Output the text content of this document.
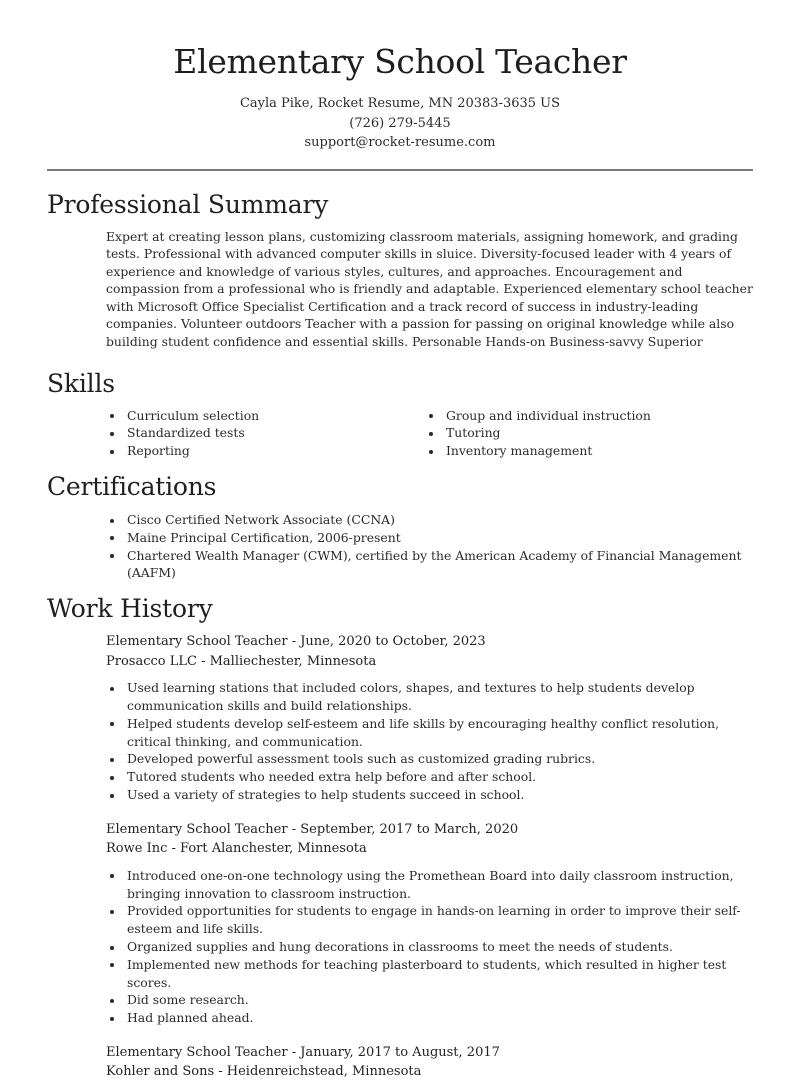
Elementary School Teacher
Cayla Pike, Rocket Resume, MN 20383-3635 US
(726) 279-5445
support@rocket-resume.com
Professional Summary

Expert at creating lesson plans, customizing classroom materials, assigning homework, and grading tests. Professional with advanced computer skills in sluice. Diversity-focused leader with 4 years of experience and knowledge of various styles, cultures, and approaches. Encouragement and compassion from a professional who is friendly and adaptable. Experienced elementary school teacher with Microsoft Office Specialist Certification and a track record of success in industry-leading companies. Volunteer outdoors Teacher with a passion for passing on original knowledge while also building student confidence and essential skills. Personable Hands-on Business-savvy Superior

Skills
Curriculum selection
Standardized tests
Reporting
Group and individual instruction
Tutoring
Inventory management
Certifications
Cisco Certified Network Associate (CCNA)
Maine Principal Certification, 2006-present
Chartered Wealth Manager (CWM), certified by the American Academy of Financial Management (AAFM)
Work History
Elementary School Teacher - June, 2020 to October, 2023
Prosacco LLC - Malliechester, Minnesota
Used learning stations that included colors, shapes, and textures to help students develop communication skills and build relationships.
Helped students develop self-esteem and life skills by encouraging healthy conflict resolution, critical thinking, and communication.
Developed powerful assessment tools such as customized grading rubrics.
Tutored students who needed extra help before and after school.
Used a variety of strategies to help students succeed in school.
Elementary School Teacher - September, 2017 to March, 2020
Rowe Inc - Fort Alanchester, Minnesota
Introduced one-on-one technology using the Promethean Board into daily classroom instruction, bringing innovation to classroom instruction.
Provided opportunities for students to engage in hands-on learning in order to improve their self-esteem and life skills.
Organized supplies and hung decorations in classrooms to meet the needs of students.
Implemented new methods for teaching plasterboard to students, which resulted in higher test scores.
Did some research.
Had planned ahead.
Elementary School Teacher - January, 2017 to August, 2017
Kohler and Sons - Heidenreichstead, Minnesota
